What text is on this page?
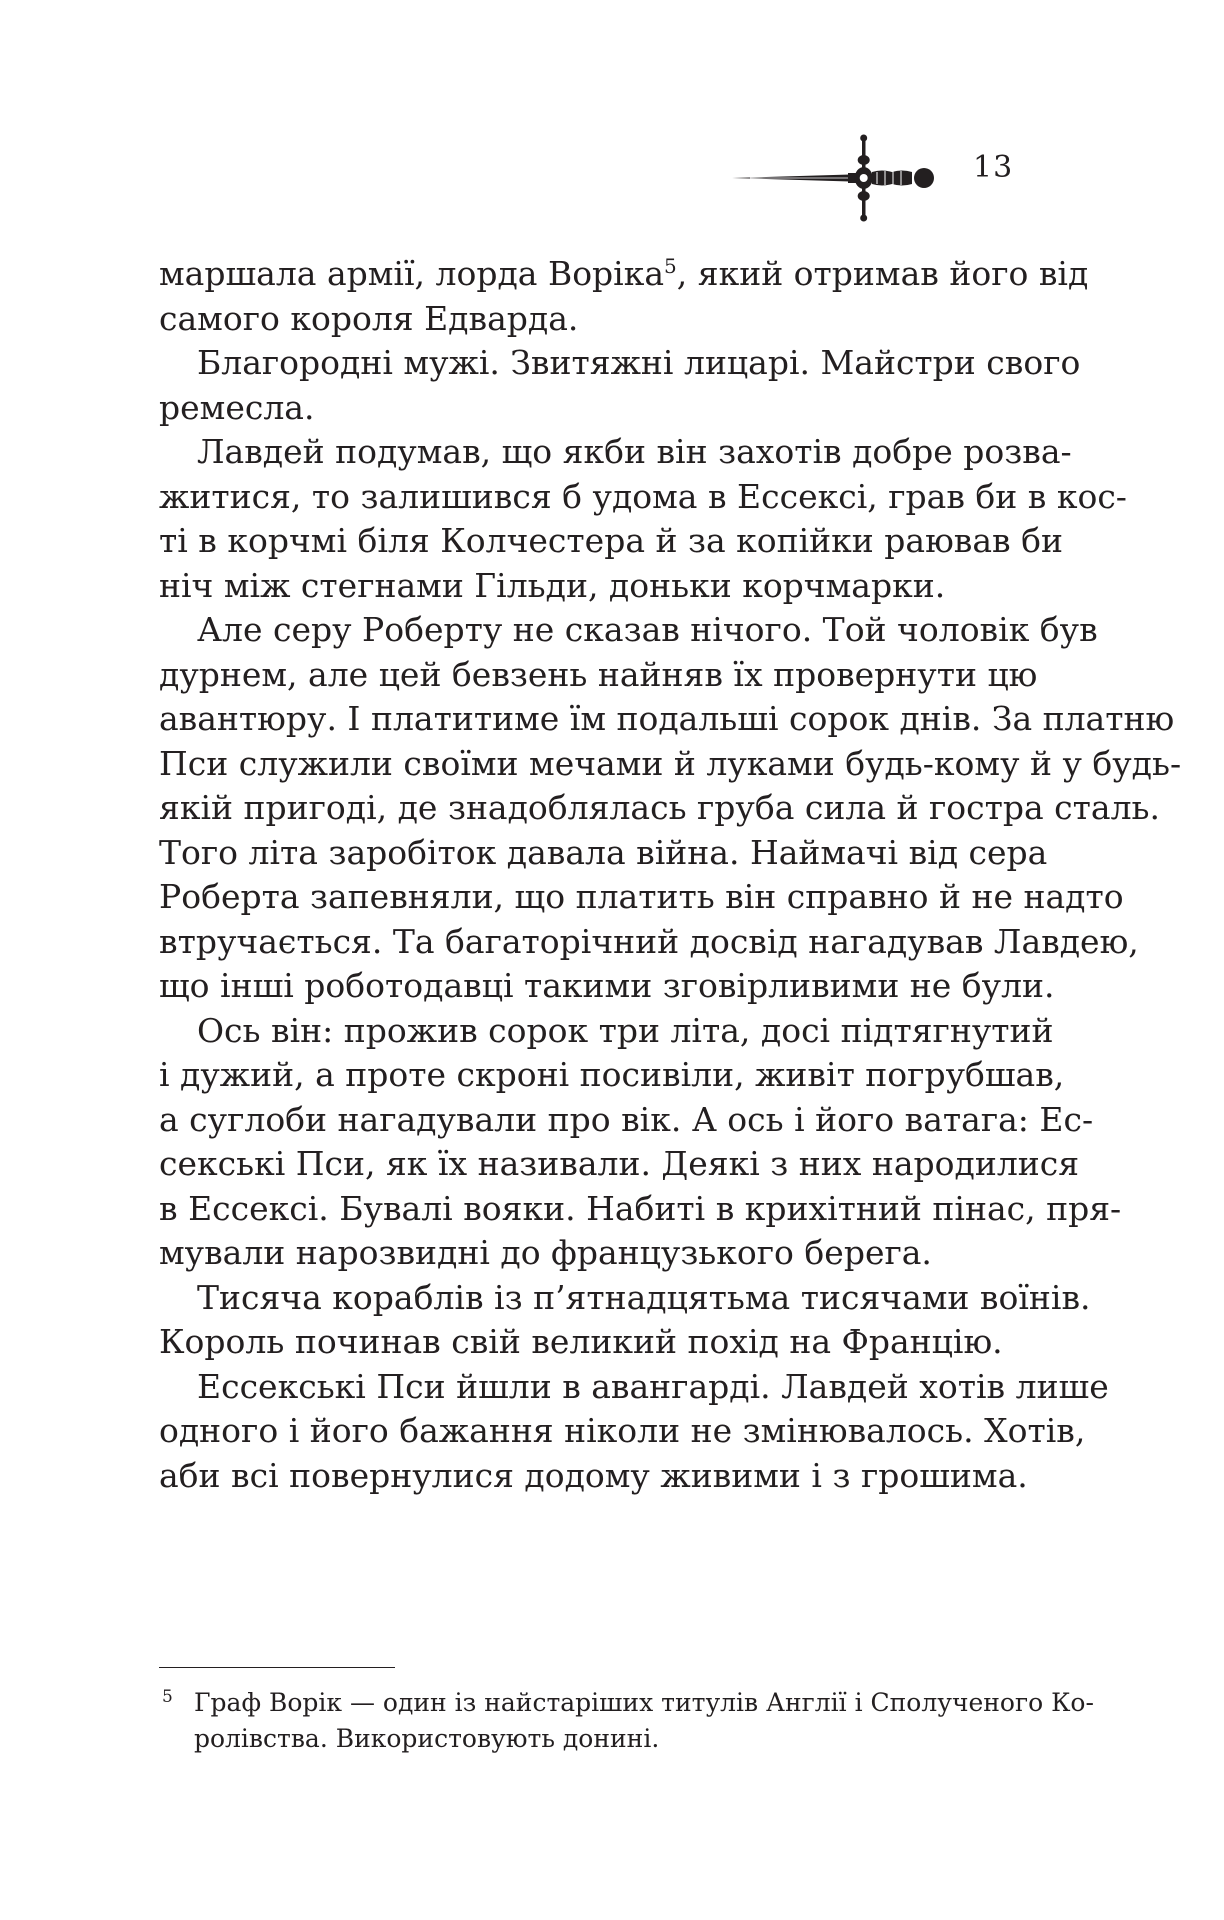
13
маршала армії, лорда Воріка$^5$, який отримав його від
самого короля Едварда.
Благородні мужі. Звитяжні лицарі. Майстри свого
ремесла.
Лавдей подумав, що якби він захотів добре розва-
житися, то залишився б удома в Ессексі, грав би в кос-
ті в корчмі біля Колчестера й за копійки раював би
ніч між стегнами Гільди, доньки корчмарки.
Але серу Роберту не сказав нічого. Той чоловік був
дурнем, але цей бевзень найняв їх провернути цю
авантюру. І платитиме їм подальші сорок днів. За платню
Пси служили своїми мечами й луками будь-кому й у будь-
якій пригоді, де знадоблялась груба сила й гостра сталь.
Того літа заробіток давала війна. Наймачі від сера
Роберта запевняли, що платить він справно й не надто
втручається. Та багаторічний досвід нагадував Лавдею,
що інші роботодавці такими зговірливими не були.
Ось він: прожив сорок три літа, досі підтягнутий
і дужий, а проте скроні посивіли, живіт погрубшав,
а суглоби нагадували про вік. А ось і його ватага: Ес-
секські Пси, як їх називали. Деякі з них народилися
в Ессексі. Бувалі вояки. Набиті в крихітний пінас, пря-
мували нарозвидні до французького берега.
Тисяча кораблів із п’ятнадцятьма тисячами воїнів.
Король починав свій великий похід на Францію.
Ессекські Пси йшли в авангарді. Лавдей хотів лише
одного і його бажання ніколи не змінювалось. Хотів,
аби всі повернулися додому живими і з грошима.
5 Граф Ворік — один із найстаріших титулів Англії і Сполученого Ко-
ролівства. Використовують донині.
